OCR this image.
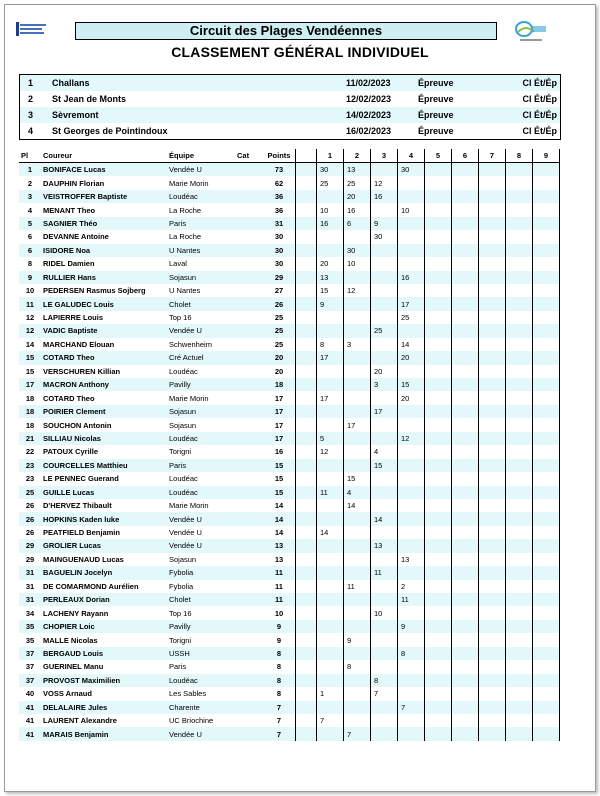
Circuit des Plages Vendéennes
CLASSEMENT GÉNÉRAL INDIVIDUEL
1	Challans	11/02/2023	Épreuve	Cl Ét/Ép
2	St Jean de Monts	12/02/2023	Épreuve	Cl Ét/Ép
3	Sèvremont	14/02/2023	Épreuve	Cl Ét/Ép
4	St Georges de Pointindoux	16/02/2023	Épreuve	Cl Ét/Ép
Pl	Coureur	Équipe	Cat	Points		1	2	3	4	5	6	7	8	9
1	BONIFACE Lucas	Vendée U		73		30	13		30					
2	DAUPHIN Florian	Marie Morin		62		25	25	12						
3	VEISTROFFER Baptiste	Loudéac		36			20	16						
4	MENANT Theo	La Roche		36		10	16		10					
5	SAGNIER Théo	Paris		31		16	6	9						
6	DEVANNE Antoine	La Roche		30				30						
6	ISIDORE Noa	U Nantes		30			30							
8	RIDEL Damien	Laval		30		20	10							
9	RULLIER Hans	Sojasun		29		13			16					
10	PEDERSEN Rasmus Sojberg	U Nantes		27		15	12							
11	LE GALUDEC Louis	Cholet		26		9			17					
12	LAPIERRE Louis	Top 16		25					25					
12	VADIC Baptiste	Vendée U		25				25						
14	MARCHAND Elouan	Schwenheim		25		8	3		14					
15	COTARD Theo	Cré Actuel		20		17			20					
15	VERSCHUREN Killian	Loudéac		20				20						
17	MACRON Anthony	Pavilly		18				3	15					
18	COTARD Theo	Marie Morin		17		17			20					
18	POIRIER Clement	Sojasun		17				17						
18	SOUCHON Antonin	Sojasun		17			17							
21	SILLIAU Nicolas	Loudéac		17		5			12					
22	PATOUX Cyrille	Torigni		16		12		4						
23	COURCELLES Matthieu	Paris		15				15						
23	LE PENNEC Guerand	Loudéac		15			15							
25	GUILLE Lucas	Loudéac		15		11	4							
26	D'HERVEZ Thibault	Marie Morin		14			14							
26	HOPKINS Kaden luke	Vendée U		14				14						
26	PEATFIELD Benjamin	Vendée U		14		14								
29	GROLIER Lucas	Vendée U		13				13						
29	MAINGUENAUD Lucas	Sojasun		13					13					
31	BAGUELIN Jocelyn	Fybolia		11				11						
31	DE COMARMOND Aurélien	Fybolia		11			11		2					
31	PERLEAUX Dorian	Cholet		11					11					
34	LACHENY Rayann	Top 16		10				10						
35	CHOPIER Loic	Pavilly		9					9					
35	MALLE Nicolas	Torigni		9			9							
37	BERGAUD Louis	USSH		8					8					
37	GUERINEL Manu	Paris		8			8							
37	PROVOST Maximilien	Loudéac		8				8						
40	VOSS Arnaud	Les Sables		8		1		7						
41	DELALAIRE Jules	Charente		7					7					
41	LAURENT Alexandre	UC Briochine		7		7								
41	MARAIS Benjamin	Vendée U		7			7							
